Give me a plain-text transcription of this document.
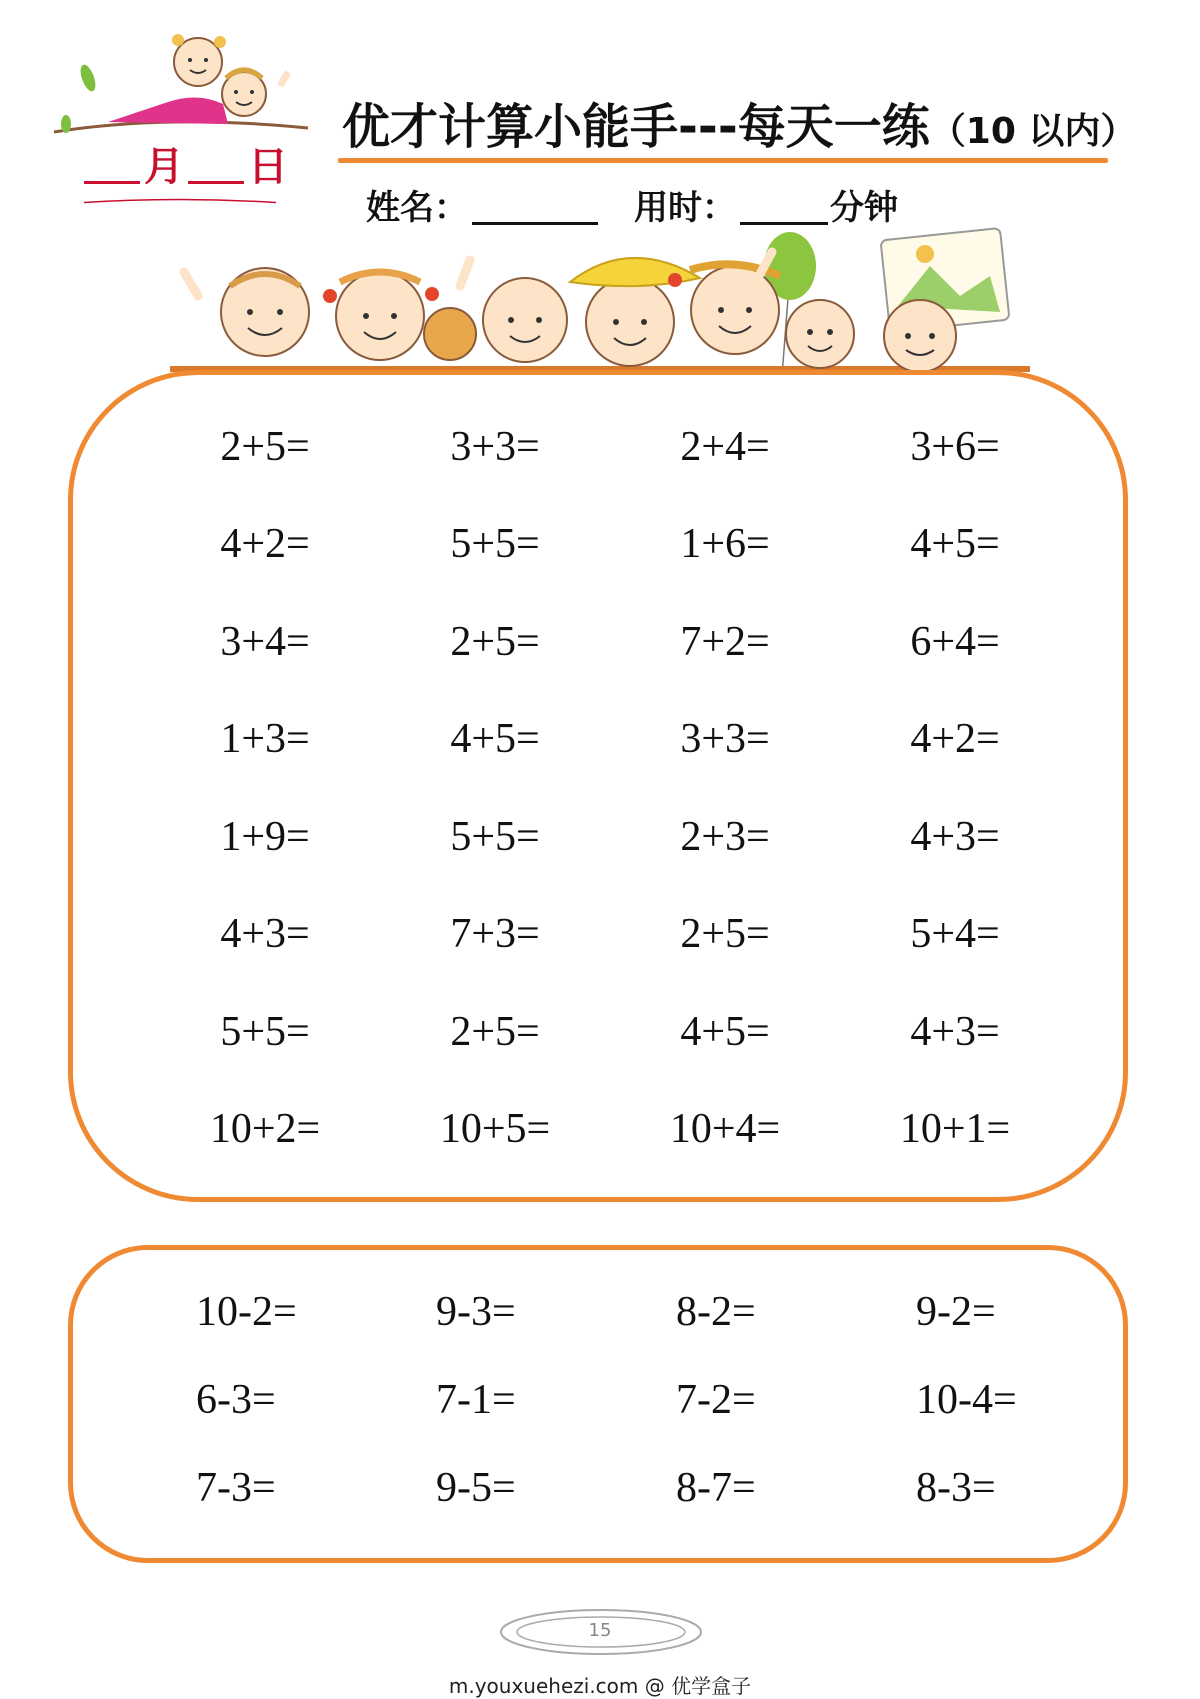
月 日
优才计算小能手---每天一练（10 以内）
姓名：	用时：	分钟
2+5=	3+3=	2+4=	3+6=
4+2=	5+5=	1+6=	4+5=
3+4=	2+5=	7+2=	6+4=
1+3=	4+5=	3+3=	4+2=
1+9=	5+5=	2+3=	4+3=
4+3=	7+3=	2+5=	5+4=
5+5=	2+5=	4+5=	4+3=
10+2=	10+5=	10+4=	10+1=
10-2=	9-3=	8-2=	9-2=
6-3=	7-1=	7-2=	10-4=
7-3=	9-5=	8-7=	8-3=
15
m.youxuehezi.com @ 优学盒子
